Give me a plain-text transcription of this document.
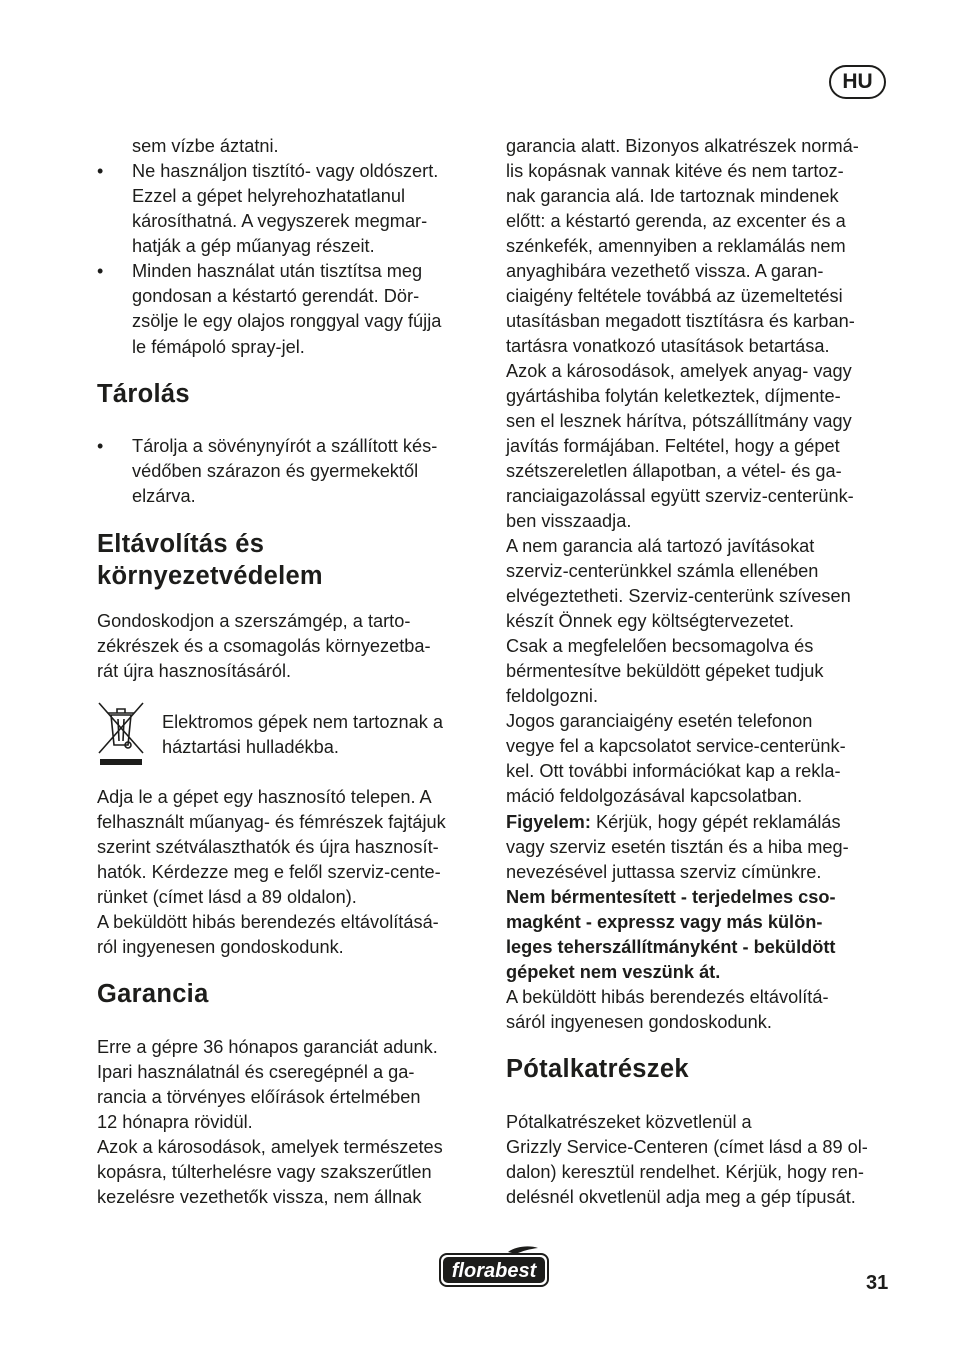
HU
sem vízbe áztatni.
• Ne használjon tisztító- vagy oldószert.
Ezzel a gépet helyrehozhatatlanul
károsíthatná. A vegyszerek megmar-
hatják a gép műanyag részeit.
• Minden használat után tisztítsa meg
gondosan a késtartó gerendát. Dör-
zsölje le egy olajos ronggyal vagy fújja
le fémápoló spray-jel.
Tárolás
• Tárolja a sövénynyírót a szállított kés-
védőben szárazon és gyermekektől
elzárva.
Eltávolítás és
környezetvédelem
Gondoskodjon a szerszámgép, a tarto-
zékrészek és a csomagolás környezetba-
rát újra hasznosításáról.
Elektromos gépek nem tartoznak a
háztartási hulladékba.
Adja le a gépet egy hasznosító telepen. A
felhasznált műanyag- és fémrészek fajtájuk
szerint szétválaszthatók és újra hasznosít-
hatók. Kérdezze meg e felől szerviz-cente-
rünket (címet lásd a 89 oldalon).
A beküldött hibás berendezés eltávolításá-
ról ingyenesen gondoskodunk.
Garancia
Erre a gépre 36 hónapos garanciát adunk.
Ipari használatnál és cseregépnél a ga-
rancia a törvényes előírások értelmében
12 hónapra rövidül.
Azok a károsodások, amelyek természetes
kopásra, túlterhelésre vagy szakszerűtlen
kezelésre vezethetők vissza, nem állnak
garancia alatt. Bizonyos alkatrészek normá-
lis kopásnak vannak kitéve és nem tartoz-
nak garancia alá. Ide tartoznak mindenek
előtt: a késtartó gerenda, az excenter és a
szénkefék, amennyiben a reklamálás nem
anyaghibára vezethető vissza. A garan-
ciaigény feltétele továbbá az üzemeltetési
utasításban megadott tisztításra és karban-
tartásra vonatkozó utasítások betartása.
Azok a károsodások, amelyek anyag- vagy
gyártáshiba folytán keletkeztek, díjmente-
sen el lesznek hárítva, pótszállítmány vagy
javítás formájában. Feltétel, hogy a gépet
szétszereletlen állapotban, a vétel- és ga-
ranciaigazolással együtt szerviz-centerünk-
ben visszaadja.
A nem garancia alá tartozó javításokat
szerviz-centerünkkel számla ellenében
elvégeztetheti. Szerviz-centerünk szívesen
készít Önnek egy költségtervezetet.
Csak a megfelelően becsomagolva és
bérmentesítve beküldött gépeket tudjuk
feldolgozni.
Jogos garanciaigény esetén telefonon
vegye fel a kapcsolatot service-centerünk-
kel. Ott további információkat kap a rekla-
máció feldolgozásával kapcsolatban.
Figyelem: Kérjük, hogy gépét reklamálás
vagy szerviz esetén tisztán és a hiba meg-
nevezésével juttassa szerviz címünkre.
Nem bérmentesített - terjedelmes cso-
magként - expressz vagy más külön-
leges teherszállítmányként - beküldött
gépeket nem veszünk át.
A beküldött hibás berendezés eltávolítá-
sáról ingyenesen gondoskodunk.
Pótalkatrészek
Pótalkatrészeket közvetlenül a
Grizzly Service-Centeren (címet lásd a 89 ol-
dalon) keresztül rendelhet. Kérjük, hogy ren-
delésnél okvetlenül adja meg a gép típusát.
florabest
31
